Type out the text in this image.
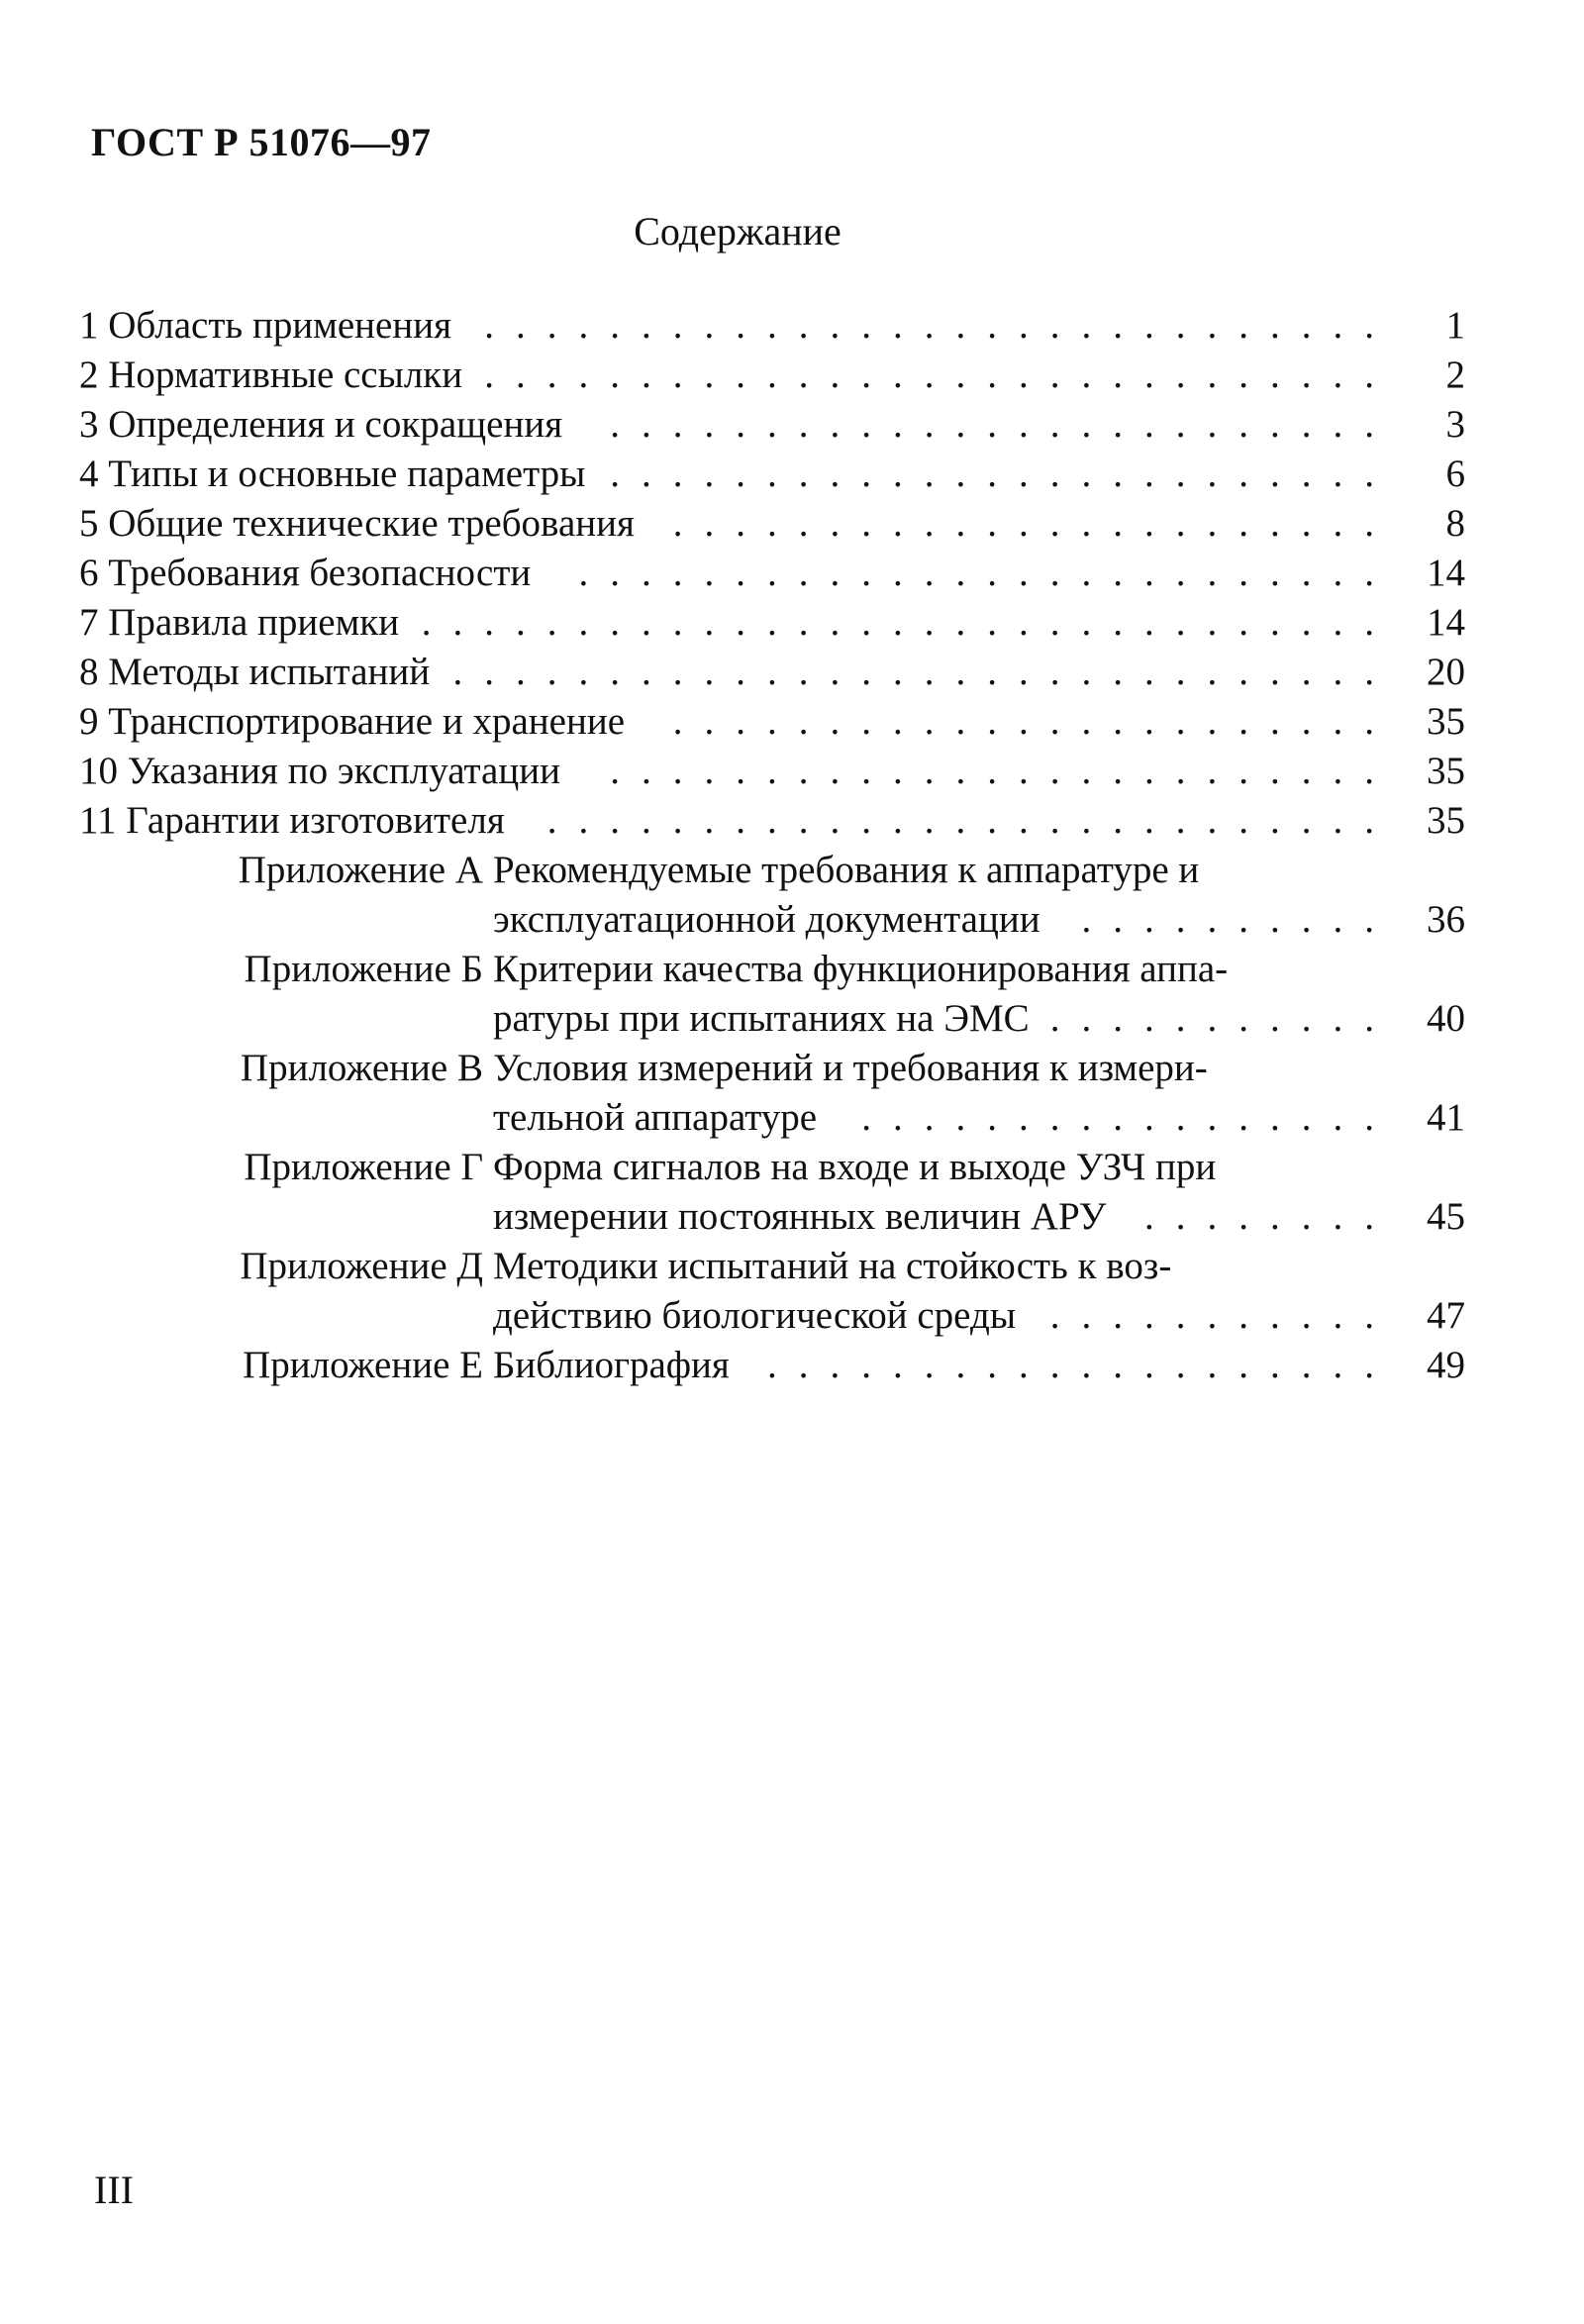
ГОСТ Р 51076—97
Содержание
1 Область применения ............................. 1
2 Нормативные ссылки ............................. 2
3 Определения и сокращения	......................... 3
4 Типы и основные параметры ......................... 6
5 Общие технические требования ....................... 8
6 Требования безопасности	.......................... 14
7 Правила приемки ............................... 14
8 Методы испытаний .............................. 20
9 Транспортирование и хранение	....................... 35
10 Указания по эксплуатации	......................... 35
11 Гарантии изготовителя	........................... 35
Приложение А Рекомендуемые требования к аппаратуре и
эксплуатационной документации	.......... 36
Приложение Б Критерии качества функционирования аппа-
ратуры при испытаниях на ЭМС ........... 40
Приложение В Условия измерений и требования к измери-
тельной аппаратуре	................. 41
Приложение Г Форма сигналов на входе и выходе УЗЧ при
измерении постоянных величин АРУ ........ 45
Приложение Д Методики испытаний на стойкость к воз-
действию биологической среды ........... 47
Приложение Е Библиография .................... 49
III
